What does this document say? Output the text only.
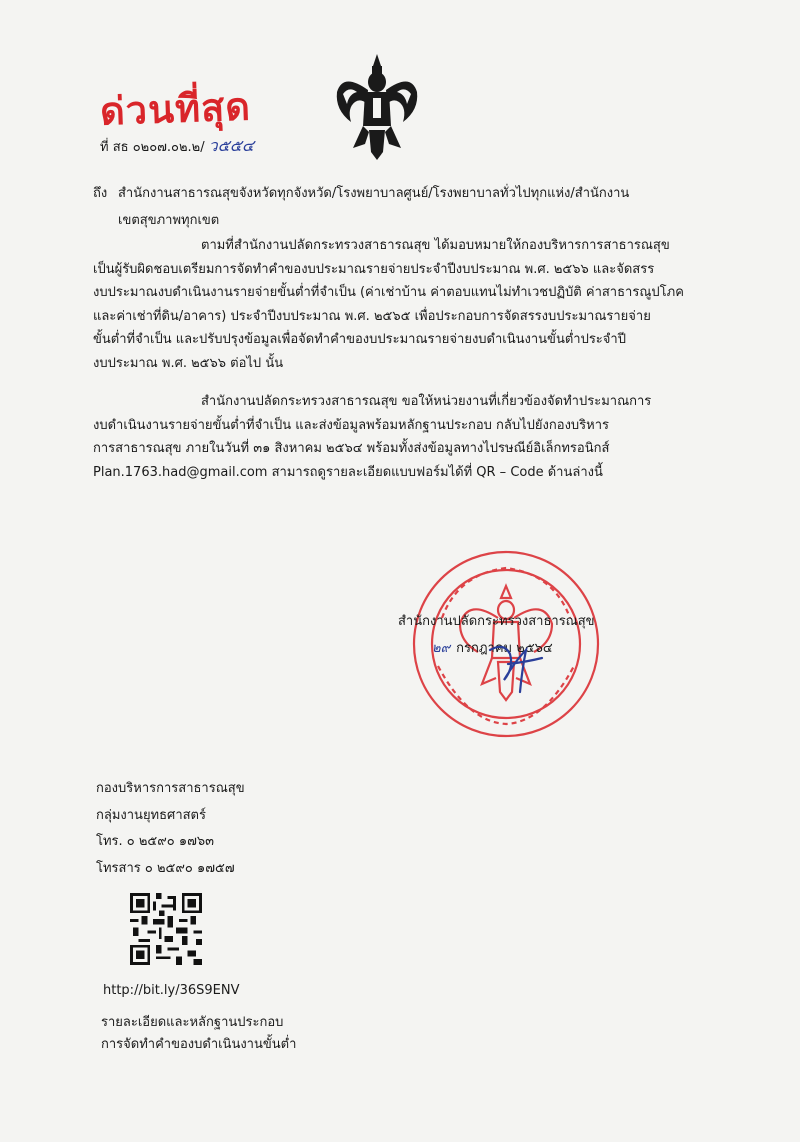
ด่วนที่สุด
ที่ สธ ๐๒๐๗.๐๒.๒/ ว๕๕๔
ถึง สำนักงานสาธารณสุขจังหวัดทุกจังหวัด/โรงพยาบาลศูนย์/โรงพยาบาลทั่วไปทุกแห่ง/สำนักงาน
เขตสุขภาพทุกเขต
ตามที่สำนักงานปลัดกระทรวงสาธารณสุข ได้มอบหมายให้กองบริหารการสาธารณสุข
เป็นผู้รับผิดชอบเตรียมการจัดทำคำของบประมาณรายจ่ายประจำปีงบประมาณ พ.ศ. ๒๕๖๖ และจัดสรร
งบประมาณงบดำเนินงานรายจ่ายขั้นต่ำที่จำเป็น (ค่าเช่าบ้าน ค่าตอบแทนไม่ทำเวชปฏิบัติ ค่าสาธารณูปโภค
และค่าเช่าที่ดิน/อาคาร) ประจำปีงบประมาณ พ.ศ. ๒๕๖๕ เพื่อประกอบการจัดสรรงบประมาณรายจ่าย
ขั้นต่ำที่จำเป็น และปรับปรุงข้อมูลเพื่อจัดทำคำของบประมาณรายจ่ายงบดำเนินงานขั้นต่ำประจำปี
งบประมาณ พ.ศ. ๒๕๖๖ ต่อไป นั้น
สำนักงานปลัดกระทรวงสาธารณสุข ขอให้หน่วยงานที่เกี่ยวข้องจัดทำประมาณการ
งบดำเนินงานรายจ่ายขั้นต่ำที่จำเป็น และส่งข้อมูลพร้อมหลักฐานประกอบ กลับไปยังกองบริหาร
การสาธารณสุข ภายในวันที่ ๓๑ สิงหาคม ๒๕๖๔ พร้อมทั้งส่งข้อมูลทางไปรษณีย์อิเล็กทรอนิกส์
Plan.1763.had@gmail.com สามารถดูรายละเอียดแบบฟอร์มได้ที่ QR – Code ด้านล่างนี้
สำนักงานปลัดกระทรวงสาธารณสุข
๒๙ กรกฎาคม ๒๕๖๔
กองบริหารการสาธารณสุข
กลุ่มงานยุทธศาสตร์
โทร. ๐ ๒๕๙๐ ๑๗๖๓
โทรสาร ๐ ๒๕๙๐ ๑๗๕๗
http://bit.ly/36S9ENV
รายละเอียดและหลักฐานประกอบ
การจัดทำคำของบดำเนินงานขั้นต่ำ
